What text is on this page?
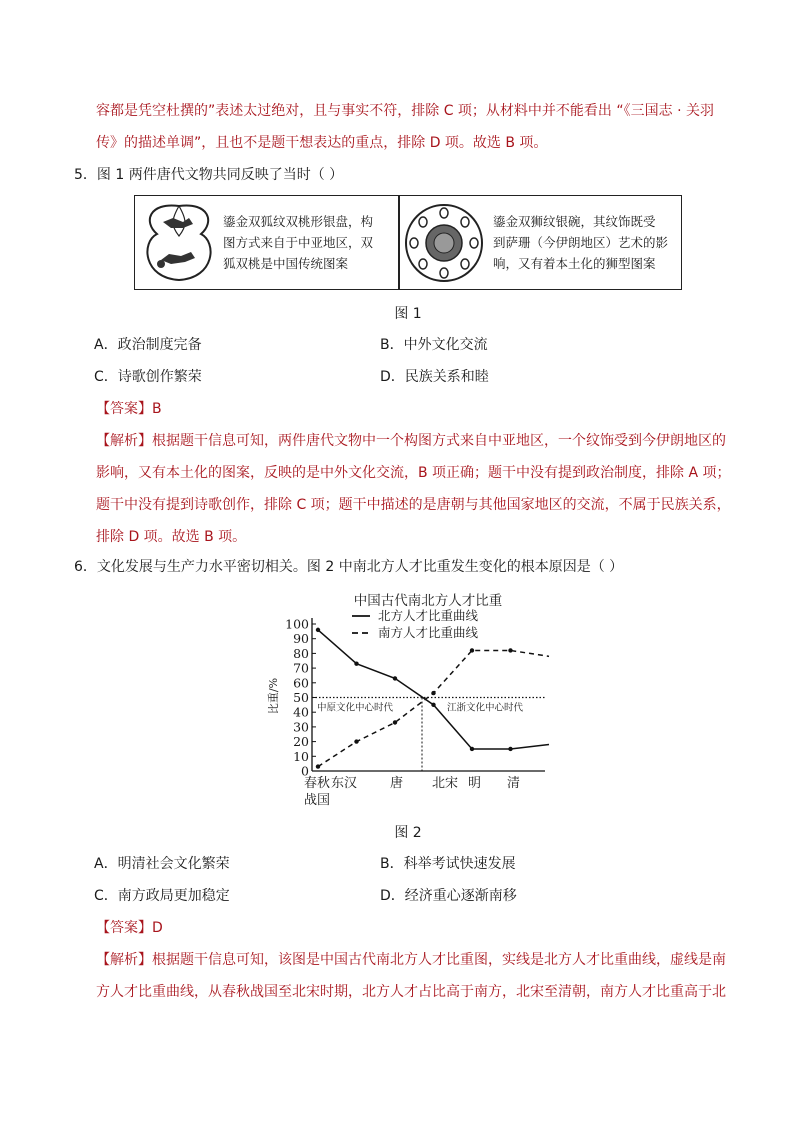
容都是凭空杜撰的”表述太过绝对，且与事实不符，排除 C 项；从材料中并不能看出 “《三国志 · 关羽
传》的描述单调”，且也不是题干想表达的重点，排除 D 项。故选 B 项。
5．图 1 两件唐代文物共同反映了当时（ ）
鎏金双狐纹双桃形银盘，构
图方式来自于中亚地区，双
狐双桃是中国传统图案
鎏金双狮纹银碗，其纹饰既受
到萨珊（今伊朗地区）艺术的影
响，又有着本土化的狮型图案
图 1
A．政治制度完备	B．中外文化交流
C．诗歌创作繁荣	D．民族关系和睦
【答案】B
【解析】根据题干信息可知，两件唐代文物中一个构图方式来自中亚地区，一个纹饰受到今伊朗地区的
影响，又有本土化的图案，反映的是中外文化交流，B 项正确；题干中没有提到政治制度，排除 A 项；
题干中没有提到诗歌创作，排除 C 项；题干中描述的是唐朝与其他国家地区的交流，不属于民族关系，
排除 D 项。故选 B 项。
6．文化发展与生产力水平密切相关。图 2 中南北方人才比重发生变化的根本原因是（ ）
中国古代南北方人才比重
北方人才比重曲线
南方人才比重曲线
0
10
20
30
40
50
60
70
80
90
100
比重/%
春秋
战国
东汉	唐 北宋 明 清
中原文化中心时代	江浙文化中心时代
图 2
A．明清社会文化繁荣	B．科举考试快速发展
C．南方政局更加稳定	D．经济重心逐渐南移
【答案】D
【解析】根据题干信息可知，该图是中国古代南北方人才比重图，实线是北方人才比重曲线，虚线是南
方人才比重曲线，从春秋战国至北宋时期，北方人才占比高于南方，北宋至清朝，南方人才比重高于北
